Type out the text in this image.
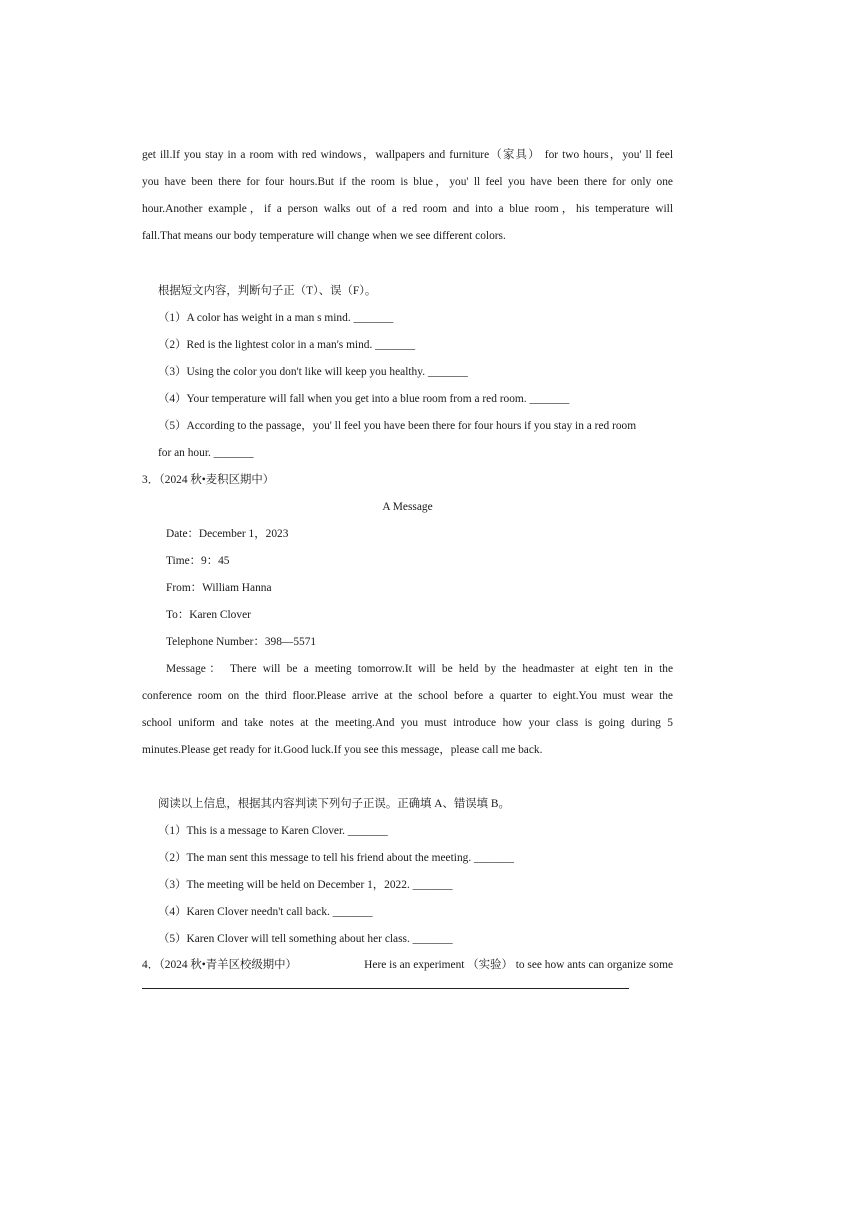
get ill.If you stay in a room with red windows，wallpapers and furniture（家具） for two hours，you' ll feel
you have been there for four hours.But if the room is blue，you' ll feel you have been there for only one
hour.Another example，if a person walks out of a red room and into a blue room，his temperature will
fall.That means our body temperature will change when we see different colors.
根据短文内容，判断句子正（T）、误（F）。
（1）A color has weight in a man s mind. _______
（2）Red is the lightest color in a man's mind. _______
（3）Using the color you don't like will keep you healthy. _______
（4）Your temperature will fall when you get into a blue room from a red room. _______
（5）According to the passage，you' ll feel you have been there for four hours if you stay in a red room
for an hour. _______
3．（2024 秋•麦积区期中）
A Message
Date：December 1，2023
Time：9：45
From：William Hanna
To：Karen Clover
Telephone Number：398—5571
Message： There will be a meeting tomorrow.It will be held by the headmaster at eight ten in the
conference room on the third floor.Please arrive at the school before a quarter to eight.You must wear the
school uniform and take notes at the meeting.And you must introduce how your class is going during 5
minutes.Please get ready for it.Good luck.If you see this message，please call me back.
阅读以上信息，根据其内容判读下列句子正误。正确填 A、错误填 B。
（1）This is a message to Karen Clover. _______
（2）The man sent this message to tell his friend about the meeting. _______
（3）The meeting will be held on December 1，2022. _______
（4）Karen Clover needn't call back. _______
（5）Karen Clover will tell something about her class. _______
4．（2024 秋•青羊区校级期中）	Here is an experiment （实验） to see how ants can organize some
